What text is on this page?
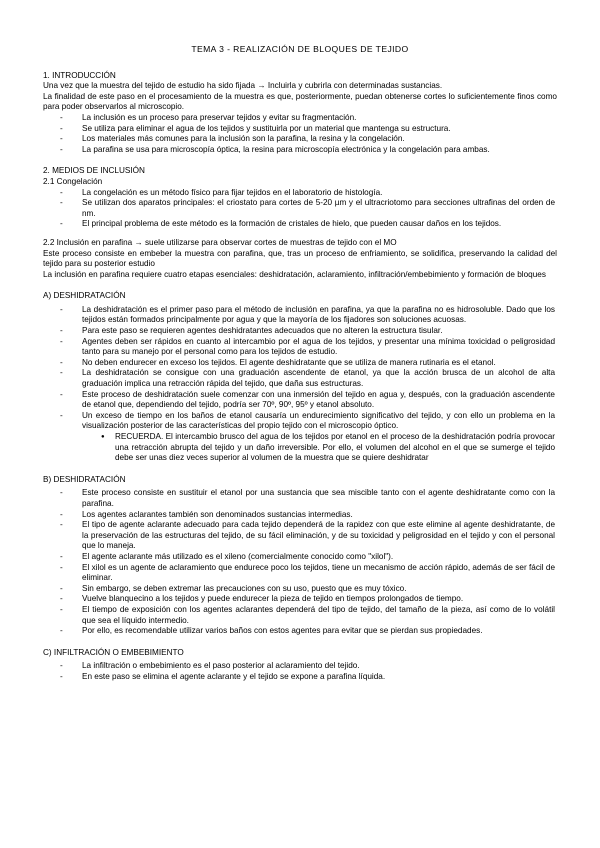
TEMA 3 - REALIZACIÓN DE BLOQUES DE TEJIDO
1. INTRODUCCIÓN

Una vez que la muestra del tejido de estudio ha sido fijada → Incluirla y cubrirla con determinadas sustancias.

La finalidad de este paso en el procesamiento de la muestra es que, posteriormente, puedan obtenerse cortes lo suficientemente finos como para poder observarlos al microscopio.

- La inclusión es un proceso para preservar tejidos y evitar su fragmentación.
- Se utiliza para eliminar el agua de los tejidos y sustituirla por un material que mantenga su estructura.
- Los materiales más comunes para la inclusión son la parafina, la resina y la congelación.
- La parafina se usa para microscopía óptica, la resina para microscopía electrónica y la congelación para ambas.
2. MEDIOS DE INCLUSIÓN
2.1 Congelación
- La congelación es un método físico para fijar tejidos en el laboratorio de histología.
- Se utilizan dos aparatos principales: el criostato para cortes de 5-20 µm y el ultracriotomo para secciones ultrafinas del orden de nm.
- El principal problema de este método es la formación de cristales de hielo, que pueden causar daños en los tejidos.
2.2 Inclusión en parafina → suele utilizarse para observar cortes de muestras de tejido con el MO

Este proceso consiste en embeber la muestra con parafina, que, tras un proceso de enfriamiento, se solidifica, preservando la calidad del tejido para su posterior estudio

La inclusión en parafina requiere cuatro etapas esenciales: deshidratación, aclaramiento, infiltración/embebimiento y formación de bloques

A) DESHIDRATACIÓN
- La deshidratación es el primer paso para el método de inclusión en parafina, ya que la parafina no es hidrosoluble. Dado que los tejidos están formados principalmente por agua y que la mayoría de los fijadores son soluciones acuosas.
- Para este paso se requieren agentes deshidratantes adecuados que no alteren la estructura tisular.
- Agentes deben ser rápidos en cuanto al intercambio por el agua de los tejidos, y presentar una mínima toxicidad o peligrosidad tanto para su manejo por el personal como para los tejidos de estudio.
- No deben endurecer en exceso los tejidos. El agente deshidratante que se utiliza de manera rutinaria es el etanol.
- La deshidratación se consigue con una graduación ascendente de etanol, ya que la acción brusca de un alcohol de alta graduación implica una retracción rápida del tejido, que daña sus estructuras.
- Este proceso de deshidratación suele comenzar con una inmersión del tejido en agua y, después, con la graduación ascendente de etanol que, dependiendo del tejido, podría ser 70º, 90º, 95º y etanol absoluto.
- Un exceso de tiempo en los baños de etanol causaría un endurecimiento significativo del tejido, y con ello un problema en la visualización posterior de las características del propio tejido con el microscopio óptico.
● RECUERDA. El intercambio brusco del agua de los tejidos por etanol en el proceso de la deshidratación podría provocar una retracción abrupta del tejido y un daño irreversible. Por ello, el volumen del alcohol en el que se sumerge el tejido debe ser unas diez veces superior al volumen de la muestra que se quiere deshidratar
B) DESHIDRATACIÓN
- Este proceso consiste en sustituir el etanol por una sustancia que sea miscible tanto con el agente deshidratante como con la parafina.
- Los agentes aclarantes también son denominados sustancias intermedias.
- El tipo de agente aclarante adecuado para cada tejido dependerá de la rapidez con que este elimine al agente deshidratante, de la preservación de las estructuras del tejido, de su fácil eliminación, y de su toxicidad y peligrosidad en el tejido y con el personal que lo maneja.
- El agente aclarante más utilizado es el xileno (comercialmente conocido como "xilol").
- El xilol es un agente de aclaramiento que endurece poco los tejidos, tiene un mecanismo de acción rápido, además de ser fácil de eliminar.
- Sin embargo, se deben extremar las precauciones con su uso, puesto que es muy tóxico.
- Vuelve blanquecino a los tejidos y puede endurecer la pieza de tejido en tiempos prolongados de tiempo.
- El tiempo de exposición con los agentes aclarantes dependerá del tipo de tejido, del tamaño de la pieza, así como de lo volátil que sea el líquido intermedio.
- Por ello, es recomendable utilizar varios baños con estos agentes para evitar que se pierdan sus propiedades.
C) INFILTRACIÓN O EMBEBIMIENTO
- La infiltración o embebimiento es el paso posterior al aclaramiento del tejido.
- En este paso se elimina el agente aclarante y el tejido se expone a parafina líquida.
